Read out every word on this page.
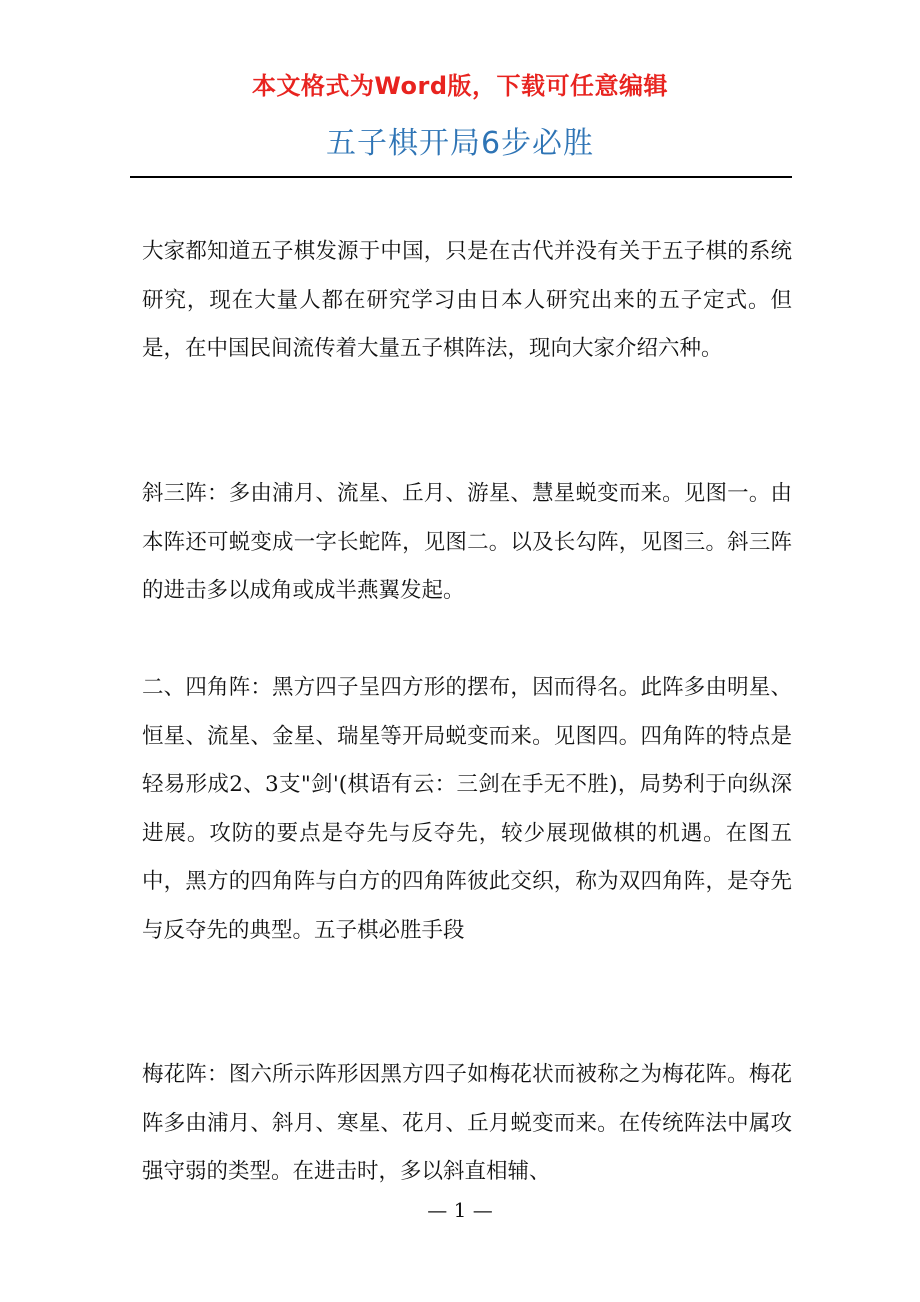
本文格式为Word版，下载可任意编辑
五子棋开局6步必胜

大家都知道五子棋发源于中国，只是在古代并没有关于五子棋的系统研究，现在大量人都在研究学习由日本人研究出来的五子定式。但是，在中国民间流传着大量五子棋阵法，现向大家介绍六种。

斜三阵：多由浦月、流星、丘月、游星、慧星蜕变而来。见图一。由本阵还可蜕变成一字长蛇阵，见图二。以及长勾阵，见图三。斜三阵的进击多以成角或成半燕翼发起。

二、四角阵：黑方四子呈四方形的摆布，因而得名。此阵多由明星、恒星、流星、金星、瑞星等开局蜕变而来。见图四。四角阵的特点是轻易形成2、3支"剑'(棋语有云：三剑在手无不胜)，局势利于向纵深进展。攻防的要点是夺先与反夺先，较少展现做棋的机遇。在图五中，黑方的四角阵与白方的四角阵彼此交织，称为双四角阵，是夺先与反夺先的典型。五子棋必胜手段

梅花阵：图六所示阵形因黑方四子如梅花状而被称之为梅花阵。梅花阵多由浦月、斜月、寒星、花月、丘月蜕变而来。在传统阵法中属攻强守弱的类型。在进击时，多以斜直相辅、

— 1 —
